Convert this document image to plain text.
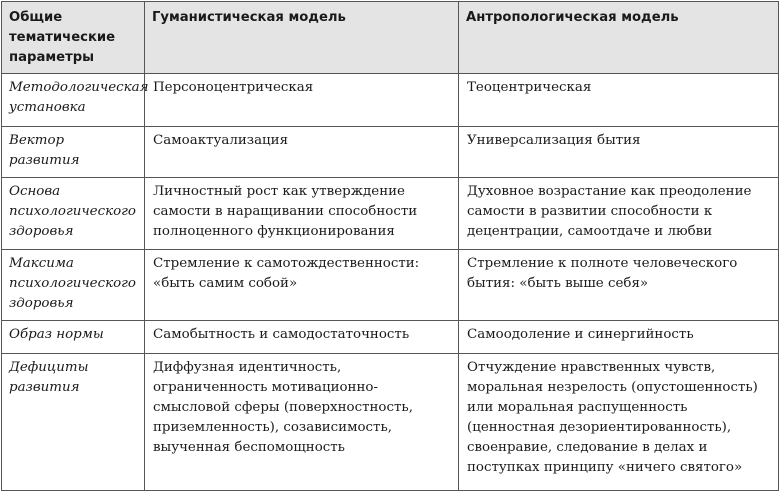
Общие тематические параметры	Гуманистическая модель	Антропологическая модель
Методологическая установка	Персоноцентрическая	Теоцентрическая
Вектор развития	Самоактуализация	Универсализация бытия
Основа психологического здоровья	Личностный рост как утверждение самости в наращивании способности полноценного функционирования	Духовное возрастание как преодоление самости в развитии способности к децентрации, самоотдаче и любви
Максима психологического здоровья	Стремление к самотождественности: «быть самим собой»	Стремление к полноте человеческого бытия: «быть выше себя»
Образ нормы	Самобытность и самодостаточность	Самоодоление и синергийность
Дефициты развития	Диффузная идентичность, ограниченность мотивационно-смысловой сферы (поверхностность, приземленность), созависимость, выученная беспомощность	Отчуждение нравственных чувств, моральная незрелость (опустошенность) или моральная распущенность (ценностная дезориентированность), своенравие, следование в делах и поступках принципу «ничего святого»
